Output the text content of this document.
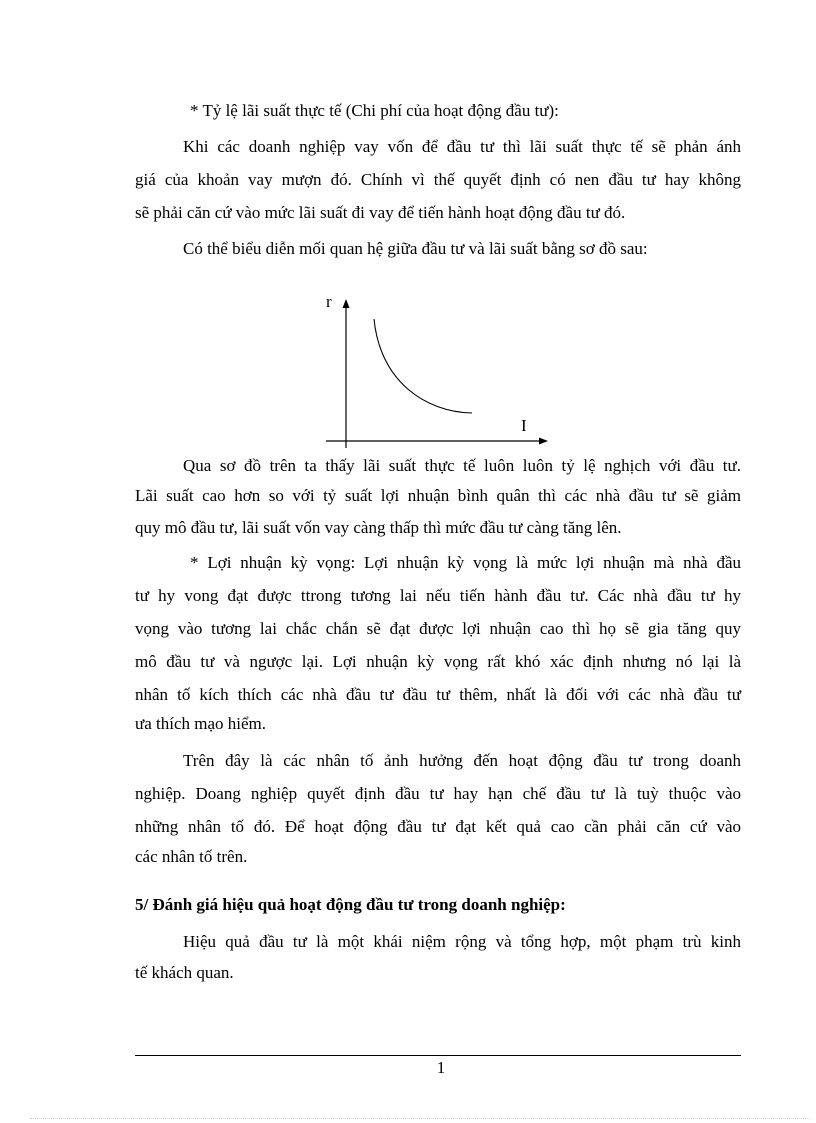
* Tỷ lệ lãi suất thực tế (Chi phí của hoạt động đầu tư):
Khi các doanh nghiệp vay vốn để đầu tư thì lãi suất thực tế sẽ phản ánh
giá của khoản vay mượn đó. Chính vì thế quyết định có nen đầu tư hay không
sẽ phải căn cứ vào mức lãi suất đi vay để tiến hành hoạt động đầu tư đó.
Có thể biểu diễn mối quan hệ giữa đầu tư và lãi suất bằng sơ đồ sau:
r
I
Qua sơ đồ trên ta thấy lãi suất thực tế luôn luôn tỷ lệ nghịch với đầu tư.
Lãi suất cao hơn so với tỷ suất lợi nhuận bình quân thì các nhà đầu tư sẽ giảm
quy mô đầu tư, lãi suất vốn vay càng thấp thì mức đầu tư càng tăng lên.
* Lợi nhuận kỳ vọng: Lợi nhuận kỳ vọng là mức lợi nhuận mà nhà đầu
tư hy vong đạt được ttrong tương lai nếu tiến hành đầu tư. Các nhà đầu tư hy
vọng vào tương lai chắc chắn sẽ đạt được lợi nhuận cao thì họ sẽ gia tăng quy
mô đầu tư và ngược lại. Lợi nhuận kỳ vọng rất khó xác định nhưng nó lại là
nhân tố kích thích các nhà đầu tư đầu tư thêm, nhất là đối với các nhà đầu tư
ưa thích mạo hiểm.
Trên đây là các nhân tố ảnh hưởng đến hoạt động đầu tư trong doanh
nghiệp. Doang nghiệp quyết định đầu tư hay hạn chế đầu tư là tuỳ thuộc vào
những nhân tố đó. Để hoạt động đầu tư đạt kết quả cao cần phải căn cứ vào
các nhân tố trên.
5/ Đánh giá hiệu quả hoạt động đầu tư trong doanh nghiệp:
Hiệu quả đầu tư là một khái niệm rộng và tổng hợp, một phạm trù kinh
tế khách quan.
1
